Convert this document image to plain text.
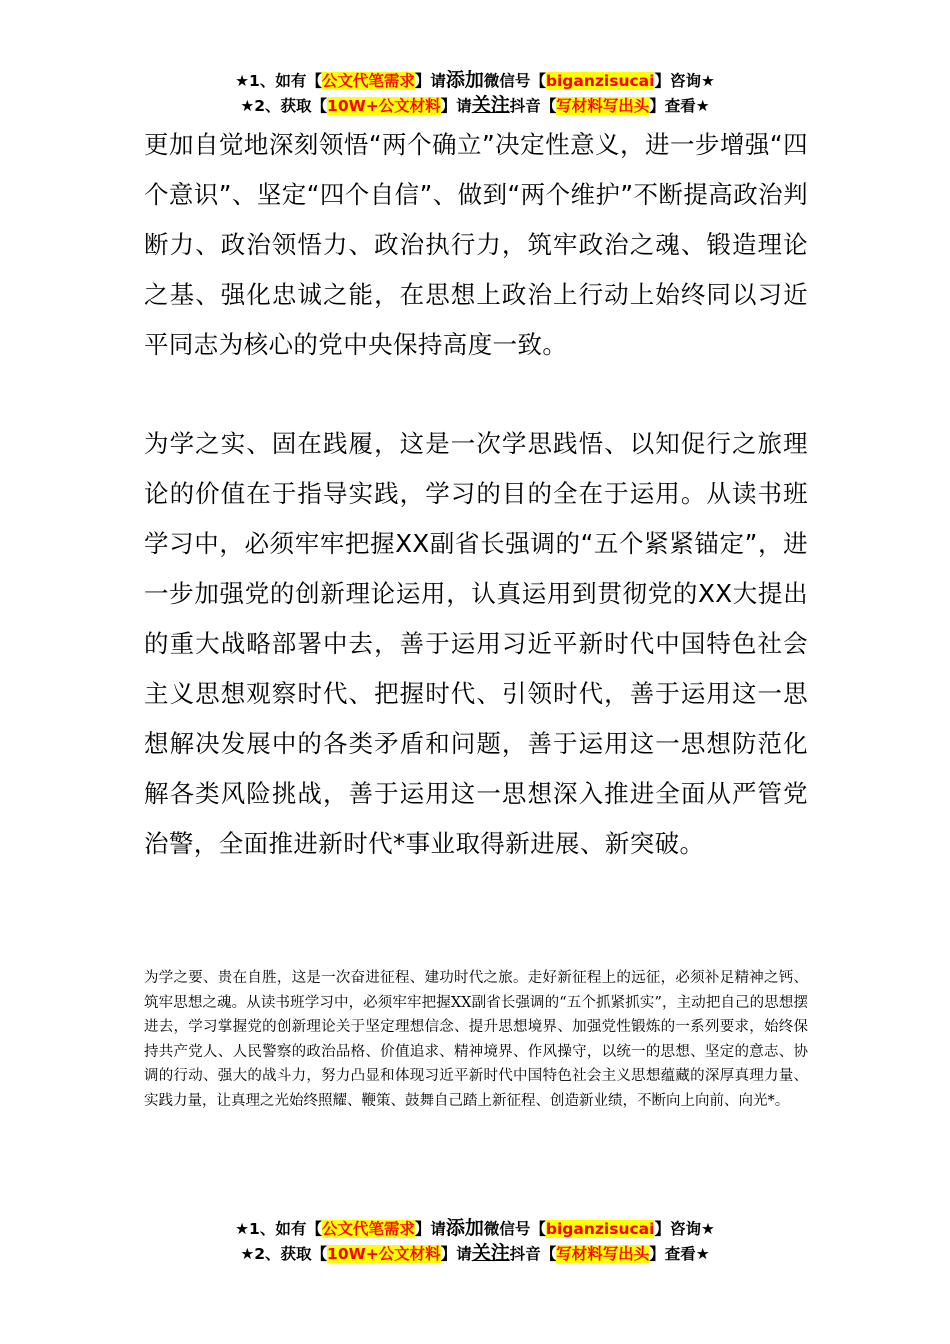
★1、如有【公文代笔需求】请添加微信号【biganzisucai】咨询★
★2、获取【10W+公文材料】请关注抖音【写材料写出头】查看★
更加自觉地深刻领悟“两个确立”决定性意义，进一步增强“四个意识”、坚定“四个自信”、做到“两个维护”不断提高政治判断力、政治领悟力、政治执行力，筑牢政治之魂、锻造理论之基、强化忠诚之能，在思想上政治上行动上始终同以习近平同志为核心的党中央保持高度一致。
为学之实、固在践履，这是一次学思践悟、以知促行之旅理论的价值在于指导实践，学习的目的全在于运用。从读书班学习中，必须牢牢把握XX副省长强调的“五个紧紧锚定”，进一步加强党的创新理论运用，认真运用到贯彻党的XX大提出的重大战略部署中去，善于运用习近平新时代中国特色社会主义思想观察时代、把握时代、引领时代，善于运用这一思想解决发展中的各类矛盾和问题，善于运用这一思想防范化解各类风险挑战，善于运用这一思想深入推进全面从严管党治警，全面推进新时代*事业取得新进展、新突破。
为学之要、贵在自胜，这是一次奋进征程、建功时代之旅。走好新征程上的远征，必须补足精神之钙、筑牢思想之魂。从读书班学习中，必须牢牢把握XX副省长强调的“五个抓紧抓实”，主动把自己的思想摆进去，学习掌握党的创新理论关于坚定理想信念、提升思想境界、加强党性锻炼的一系列要求，始终保持共产党人、人民警察的政治品格、价值追求、精神境界、作风操守，以统一的思想、坚定的意志、协调的行动、强大的战斗力，努力凸显和体现习近平新时代中国特色社会主义思想蕴藏的深厚真理力量、实践力量，让真理之光始终照耀、鞭策、鼓舞自己踏上新征程、创造新业绩，不断向上向前、向光*。
★1、如有【公文代笔需求】请添加微信号【biganzisucai】咨询★
★2、获取【10W+公文材料】请关注抖音【写材料写出头】查看★
